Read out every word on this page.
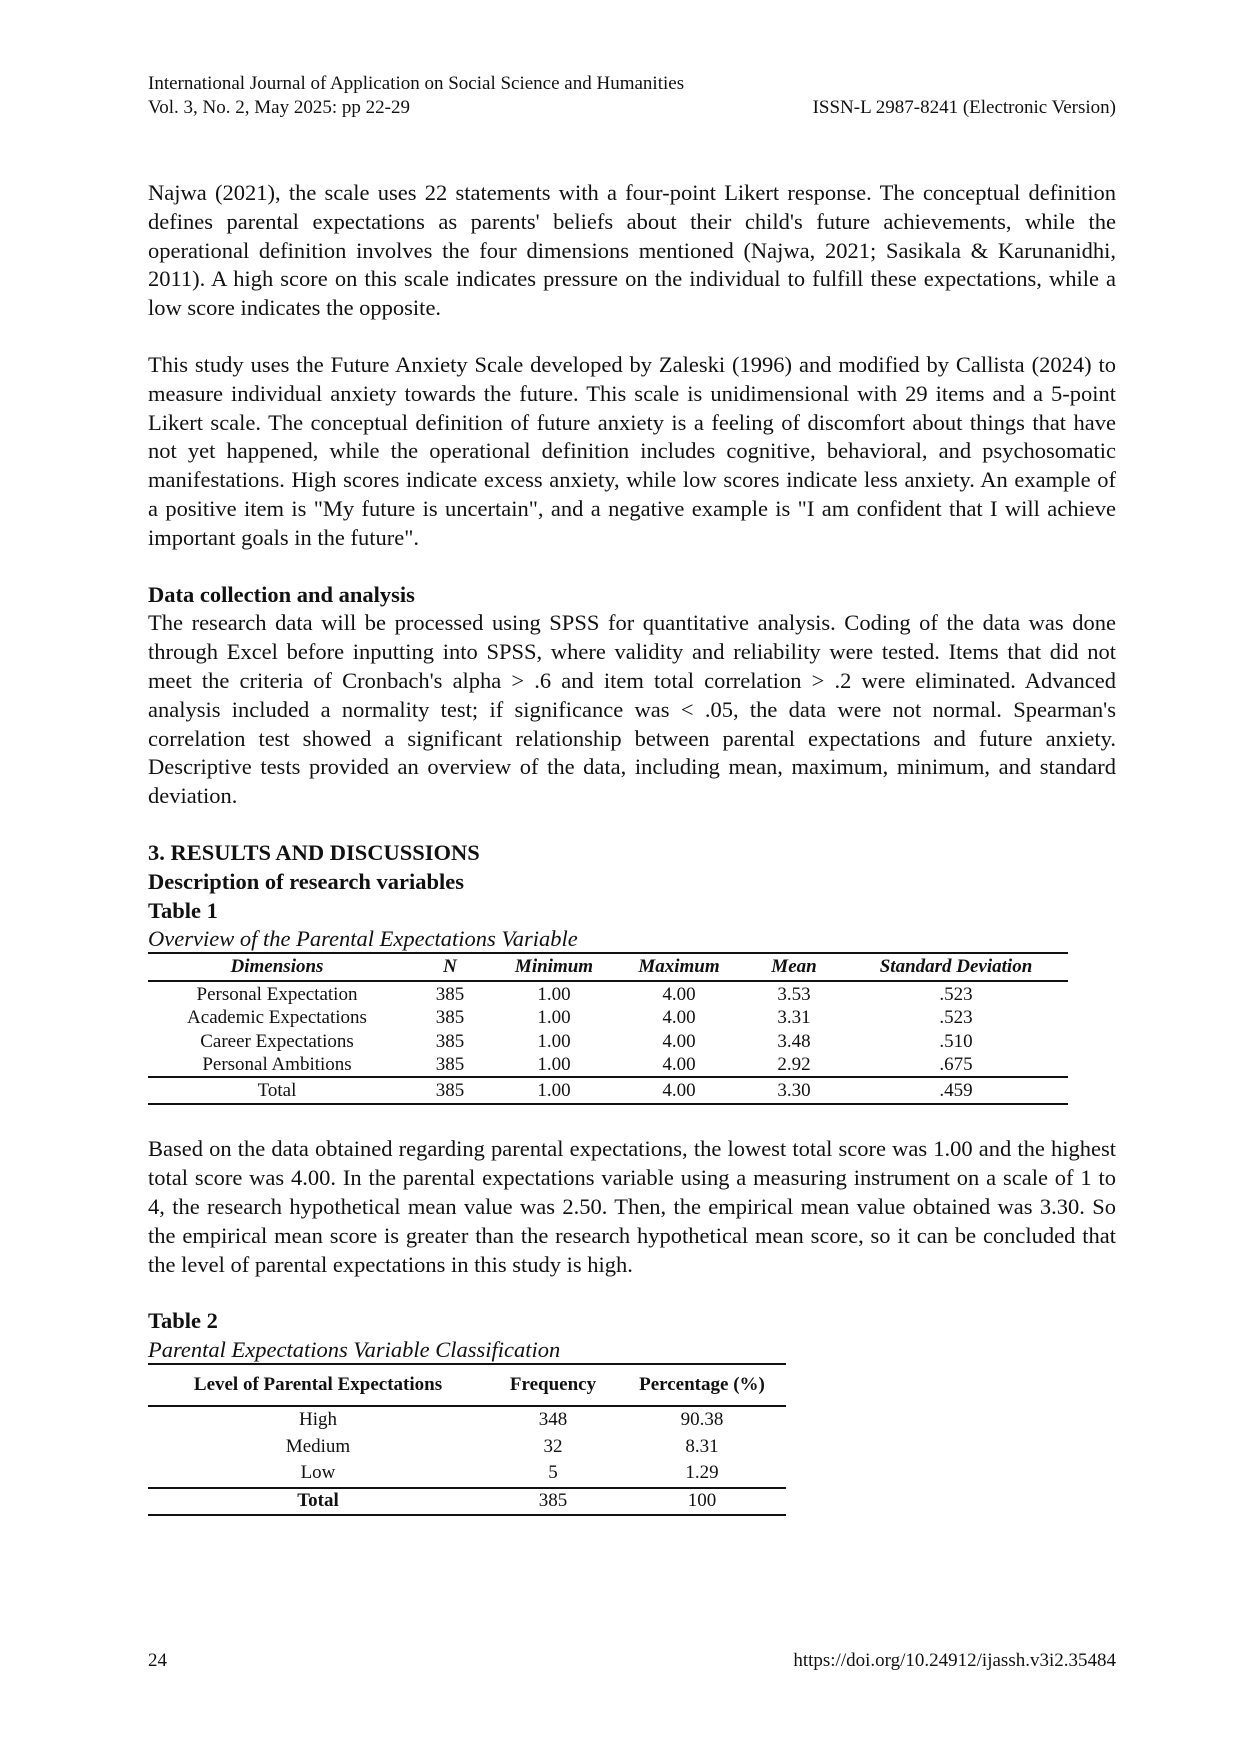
International Journal of Application on Social Science and Humanities
Vol. 3, No. 2, May 2025: pp 22-29	ISSN-L 2987-8241 (Electronic Version)

Najwa (2021), the scale uses 22 statements with a four-point Likert response. The conceptual definition defines parental expectations as parents' beliefs about their child's future achievements, while the operational definition involves the four dimensions mentioned (Najwa, 2021; Sasikala & Karunanidhi, 2011). A high score on this scale indicates pressure on the individual to fulfill these expectations, while a low score indicates the opposite.

This study uses the Future Anxiety Scale developed by Zaleski (1996) and modified by Callista (2024) to measure individual anxiety towards the future. This scale is unidimensional with 29 items and a 5-point Likert scale. The conceptual definition of future anxiety is a feeling of discomfort about things that have not yet happened, while the operational definition includes cognitive, behavioral, and psychosomatic manifestations. High scores indicate excess anxiety, while low scores indicate less anxiety. An example of a positive item is "My future is uncertain", and a negative example is "I am confident that I will achieve important goals in the future".

Data collection and analysis

The research data will be processed using SPSS for quantitative analysis. Coding of the data was done through Excel before inputting into SPSS, where validity and reliability were tested. Items that did not meet the criteria of Cronbach's alpha > .6 and item total correlation > .2 were eliminated. Advanced analysis included a normality test; if significance was < .05, the data were not normal. Spearman's correlation test showed a significant relationship between parental expectations and future anxiety. Descriptive tests provided an overview of the data, including mean, maximum, minimum, and standard deviation.

3. RESULTS AND DISCUSSIONS
Description of research variables
Table 1
Overview of the Parental Expectations Variable
Dimensions	N	Minimum	Maximum	Mean	Standard Deviation
Personal Expectation	385	1.00	4.00	3.53	.523
Academic Expectations	385	1.00	4.00	3.31	.523
Career Expectations	385	1.00	4.00	3.48	.510
Personal Ambitions	385	1.00	4.00	2.92	.675
Total	385	1.00	4.00	3.30	.459

Based on the data obtained regarding parental expectations, the lowest total score was 1.00 and the highest total score was 4.00. In the parental expectations variable using a measuring instrument on a scale of 1 to 4, the research hypothetical mean value was 2.50. Then, the empirical mean value obtained was 3.30. So the empirical mean score is greater than the research hypothetical mean score, so it can be concluded that the level of parental expectations in this study is high.

Table 2
Parental Expectations Variable Classification
Level of Parental Expectations	Frequency	Percentage (%)
High	348	90.38
Medium	32	8.31
Low	5	1.29
Total	385	100
24	https://doi.org/10.24912/ijassh.v3i2.35484
